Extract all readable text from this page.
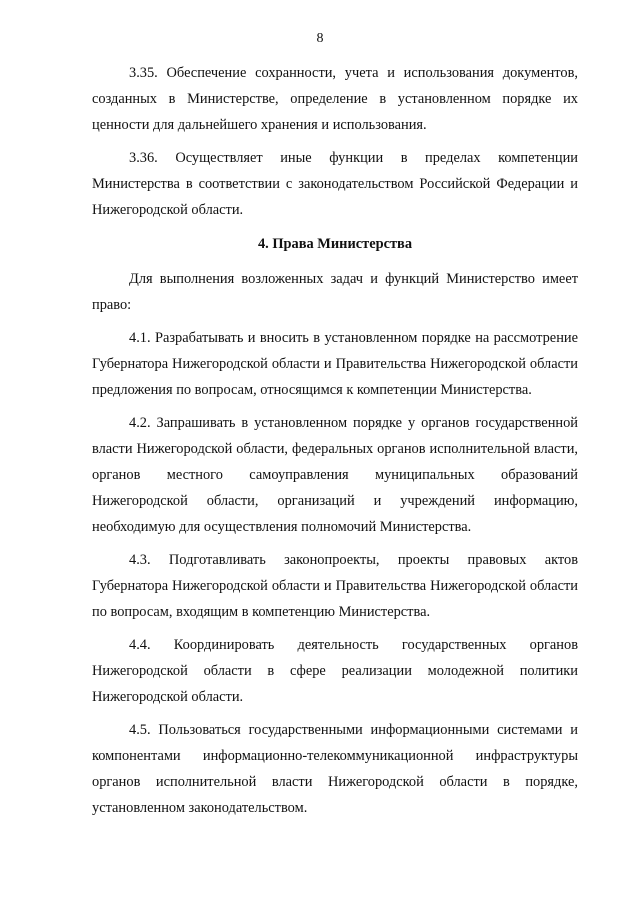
8

3.35. Обеспечение сохранности, учета и использования документов, созданных в Министерстве, определение в установленном порядке их ценности для дальнейшего хранения и использования.

3.36. Осуществляет иные функции в пределах компетенции Министерства в соответствии с законодательством Российской Федерации и Нижегородской области.

4. Права Министерства

Для выполнения возложенных задач и функций Министерство имеет право:

4.1. Разрабатывать и вносить в установленном порядке на рассмотрение Губернатора Нижегородской области и Правительства Нижегородской области предложения по вопросам, относящимся к компетенции Министерства.

4.2. Запрашивать в установленном порядке у органов государственной власти Нижегородской области, федеральных органов исполнительной власти, органов местного самоуправления муниципальных образований Нижегородской области, организаций и учреждений информацию, необходимую для осуществления полномочий Министерства.

4.3. Подготавливать законопроекты, проекты правовых актов Губернатора Нижегородской области и Правительства Нижегородской области по вопросам, входящим в компетенцию Министерства.

4.4. Координировать деятельность государственных органов Нижегородской области в сфере реализации молодежной политики Нижегородской области.

4.5. Пользоваться государственными информационными системами и компонентами информационно-телекоммуникационной инфраструктуры органов исполнительной власти Нижегородской области в порядке, установленном законодательством.
